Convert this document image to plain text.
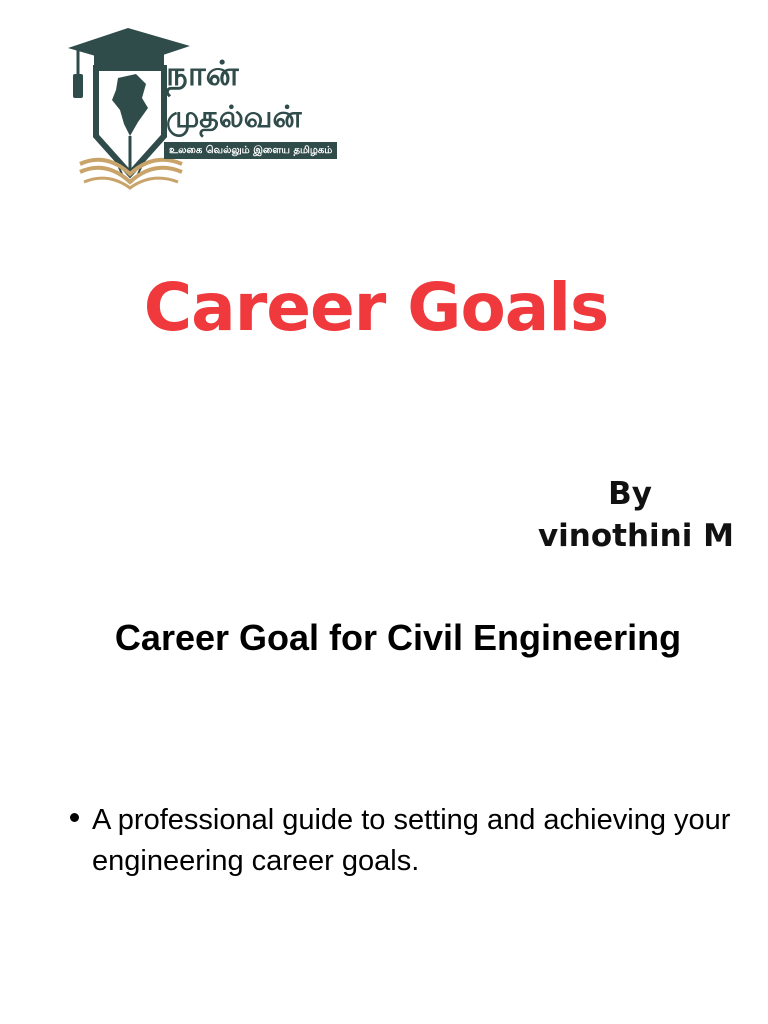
நான்
முதல்வன்
உலகை வெல்லும் இளைய தமிழகம்
Career Goals
By
vinothini M
Career Goal for Civil Engineering
A professional guide to setting and achieving your engineering career goals.
